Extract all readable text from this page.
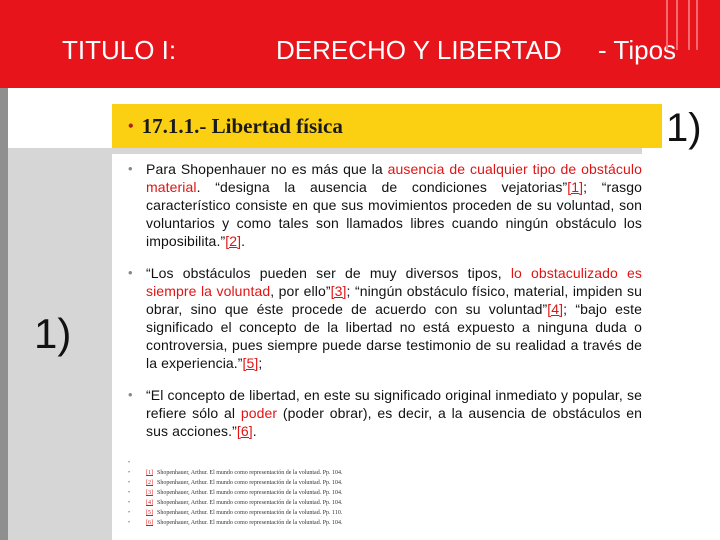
TITULO I:	DERECHO Y LIBERTAD - Tipos
1)
• 17.1.1.- Libertad física	1)
• Para Shopenhauer no es más que la ausencia de cualquier tipo de obstáculo material. “designa la ausencia de condiciones vejatorias”[1]; “rasgo característico consiste en que sus movimientos proceden de su voluntad, son voluntarios y como tales son llamados libres cuando ningún obstáculo los imposibilita.”[2].
• “Los obstáculos pueden ser de muy diversos tipos, lo obstaculizado es siempre la voluntad, por ello”[3]; “ningún obstáculo físico, material, impiden su obrar, sino que éste procede de acuerdo con su voluntad”[4]; “bajo este significado el concepto de la libertad no está expuesto a ninguna duda o controversia, pues siempre puede darse testimonio de su realidad a través de la experiencia.”[5];
• “El concepto de libertad, en este su significado original inmediato y popular, se refiere sólo al poder (poder obrar), es decir, a la ausencia de obstáculos en sus acciones.”[6].
•
•	[1] Shopenhauer, Arthur. El mundo como representación de la voluntad. Pp. 104.
•	[2] Shopenhauer, Arthur. El mundo como representación de la voluntad. Pp. 104.
•	[3] Shopenhauer, Arthur. El mundo como representación de la voluntad. Pp. 104.
•	[4] Shopenhauer, Arthur. El mundo como representación de la voluntad. Pp. 104.
•	[5] Shopenhauer, Arthur. El mundo como representación de la voluntad. Pp. 110.
•	[6] Shopenhauer, Arthur. El mundo como representación de la voluntad. Pp. 104.
